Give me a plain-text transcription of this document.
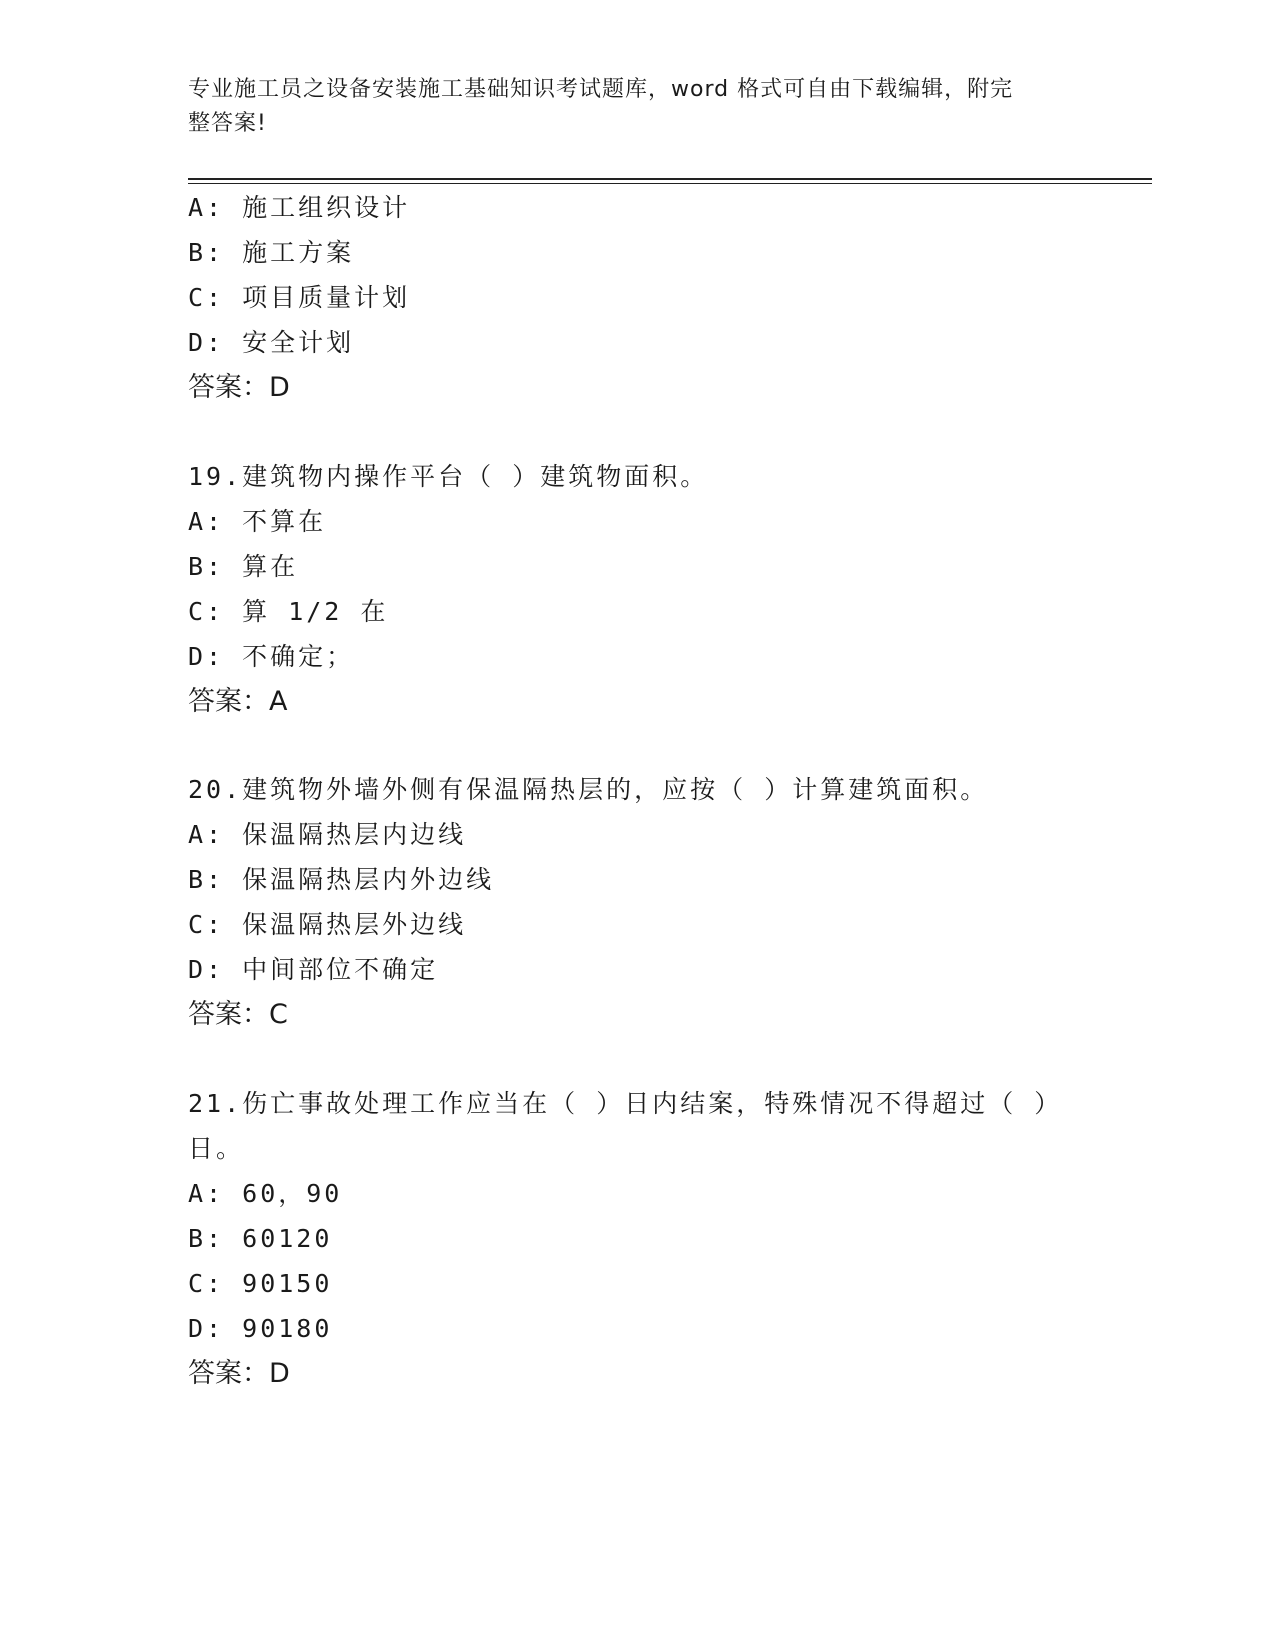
专业施工员之设备安装施工基础知识考试题库，word 格式可自由下载编辑，附完
整答案!
A: 施工组织设计
B: 施工方案
C: 项目质量计划
D: 安全计划
答案：D
19.建筑物内操作平台（ ）建筑物面积。
A: 不算在
B: 算在
C: 算 1/2 在
D: 不确定；
答案：A
20.建筑物外墙外侧有保温隔热层的，应按（ ）计算建筑面积。
A: 保温隔热层内边线
B: 保温隔热层内外边线
C: 保温隔热层外边线
D: 中间部位不确定
答案：C
21.伤亡事故处理工作应当在（ ）日内结案，特殊情况不得超过（ ）
日。
A: 60，90
B: 60120
C: 90150
D: 90180
答案：D
